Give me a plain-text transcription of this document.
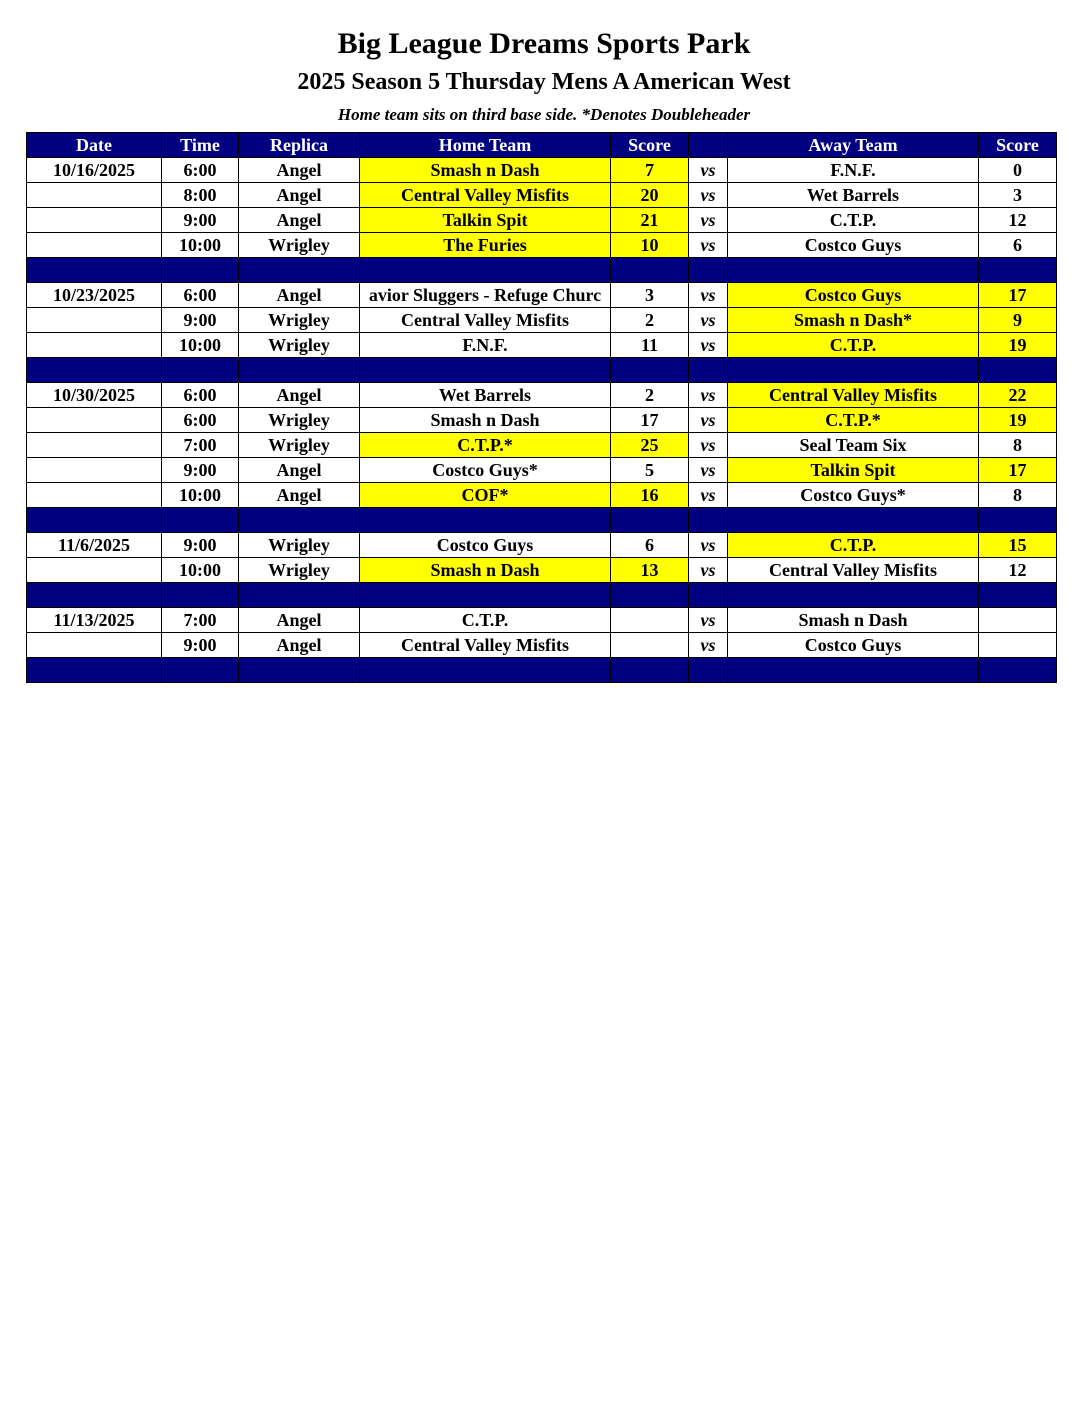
Big League Dreams Sports Park
2025 Season 5 Thursday Mens A American West
Home team sits on third base side. *Denotes Doubleheader
Date	Time	Replica	Home Team	Score		Away Team	Score
10/16/2025	6:00	Angel	Smash n Dash	7	vs	F.N.F.	0
	8:00	Angel	Central Valley Misfits	20	vs	Wet Barrels	3
	9:00	Angel	Talkin Spit	21	vs	C.T.P.	12
	10:00	Wrigley	The Furies	10	vs	Costco Guys	6

10/23/2025	6:00	Angel	avior Sluggers - Refuge Churc	3	vs	Costco Guys	17
	9:00	Wrigley	Central Valley Misfits	2	vs	Smash n Dash*	9
	10:00	Wrigley	F.N.F.	11	vs	C.T.P.	19

10/30/2025	6:00	Angel	Wet Barrels	2	vs	Central Valley Misfits	22
	6:00	Wrigley	Smash n Dash	17	vs	C.T.P.*	19
	7:00	Wrigley	C.T.P.*	25	vs	Seal Team Six	8
	9:00	Angel	Costco Guys*	5	vs	Talkin Spit	17
	10:00	Angel	COF*	16	vs	Costco Guys*	8

11/6/2025	9:00	Wrigley	Costco Guys	6	vs	C.T.P.	15
	10:00	Wrigley	Smash n Dash	13	vs	Central Valley Misfits	12

11/13/2025	7:00	Angel	C.T.P.		vs	Smash n Dash	
	9:00	Angel	Central Valley Misfits		vs	Costco Guys	
